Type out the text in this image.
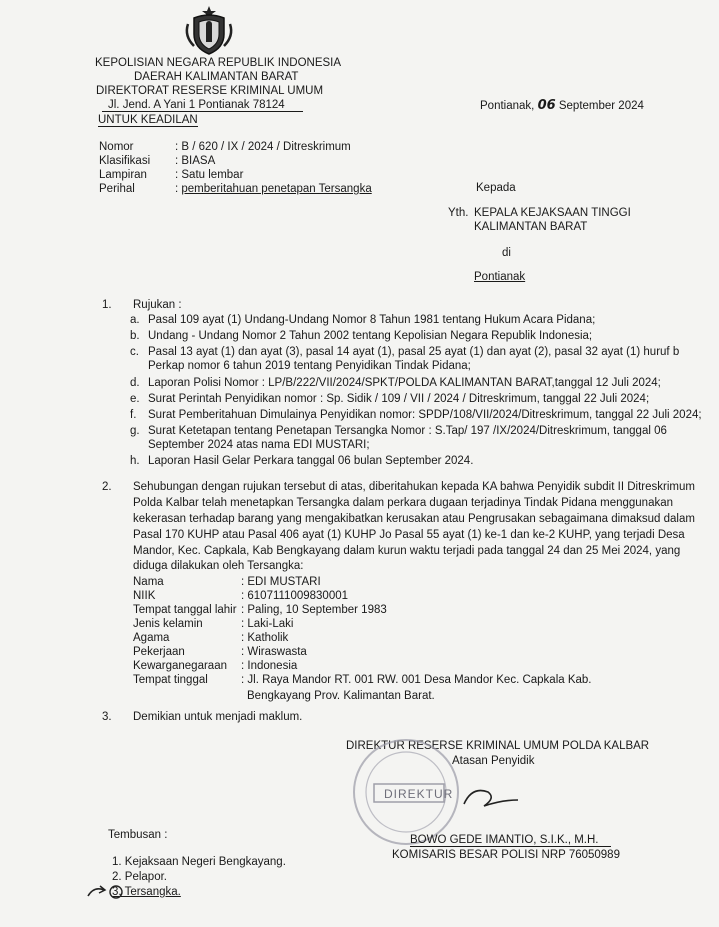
KEPOLISIAN NEGARA REPUBLIK INDONESIA
DAERAH KALIMANTAN BARAT
DIREKTORAT RESERSE KRIMINAL UMUM
Jl. Jend. A Yani 1 Pontianak 78124
UNTUK KEADILAN
Pontianak, 06 September 2024
Nomor	: B / 620 / IX / 2024 / Ditreskrimum
Klasifikasi : BIASA
Lampiran : Satu lembar
Perihal	: pemberitahuan penetapan Tersangka	Kepada
Yth. KEPALA KEJAKSAAN TINGGI
KALIMANTAN BARAT
di
Pontianak
1. Rujukan :
a. Pasal 109 ayat (1) Undang-Undang Nomor 8 Tahun 1981 tentang Hukum Acara Pidana;
b. Undang - Undang Nomor 2 Tahun 2002 tentang Kepolisian Negara Republik Indonesia;
c. Pasal 13 ayat (1) dan ayat (3), pasal 14 ayat (1), pasal 25 ayat (1) dan ayat (2), pasal 32 ayat (1) huruf b
Perkap nomor 6 tahun 2019 tentang Penyidikan Tindak Pidana;
d. Laporan Polisi Nomor : LP/B/222/VII/2024/SPKT/POLDA KALIMANTAN BARAT,tanggal 12 Juli 2024;
e. Surat Perintah Penyidikan nomor : Sp. Sidik / 109 / VII / 2024 / Ditreskrimum, tanggal 22 Juli 2024;
f. Surat Pemberitahuan Dimulainya Penyidikan nomor: SPDP/108/VII/2024/Ditreskrimum, tanggal 22 Juli 2024;
g. Surat Ketetapan tentang Penetapan Tersangka Nomor : S.Tap/ 197 /IX/2024/Ditreskrimum, tanggal 06
September 2024 atas nama EDI MUSTARI;
h. Laporan Hasil Gelar Perkara tanggal 06 bulan September 2024.
2. Sehubungan dengan rujukan tersebut di atas, diberitahukan kepada KA bahwa Penyidik subdit II Ditreskrimum
Polda Kalbar telah menetapkan Tersangka dalam perkara dugaan terjadinya Tindak Pidana menggunakan
kekerasan terhadap barang yang mengakibatkan kerusakan atau Pengrusakan sebagaimana dimaksud dalam
Pasal 170 KUHP atau Pasal 406 ayat (1) KUHP Jo Pasal 55 ayat (1) ke-1 dan ke-2 KUHP, yang terjadi Desa
Mandor, Kec. Capkala, Kab Bengkayang dalam kurun waktu terjadi pada tanggal 24 dan 25 Mei 2024, yang
diduga dilakukan oleh Tersangka:
Nama	: EDI MUSTARI
NIIK	: 6107111009830001
Tempat tanggal lahir : Paling, 10 September 1983
Jenis kelamin	: Laki-Laki
Agama	: Katholik
Pekerjaan	: Wiraswasta
Kewarganegaraan : Indonesia
Tempat tinggal	: Jl. Raya Mandor RT. 001 RW. 001 Desa Mandor Kec. Capkala Kab.
Bengkayang Prov. Kalimantan Barat.
3. Demikian untuk menjadi maklum.
DIREKTUR RESERSE KRIMINAL UMUM POLDA KALBAR
Atasan Penyidik
DIREKTUR
BOWO GEDE IMANTIO, S.I.K., M.H.
KOMISARIS BESAR POLISI NRP 76050989
Tembusan :
1. Kejaksaan Negeri Bengkayang.
2. Pelapor.
3. Tersangka.
